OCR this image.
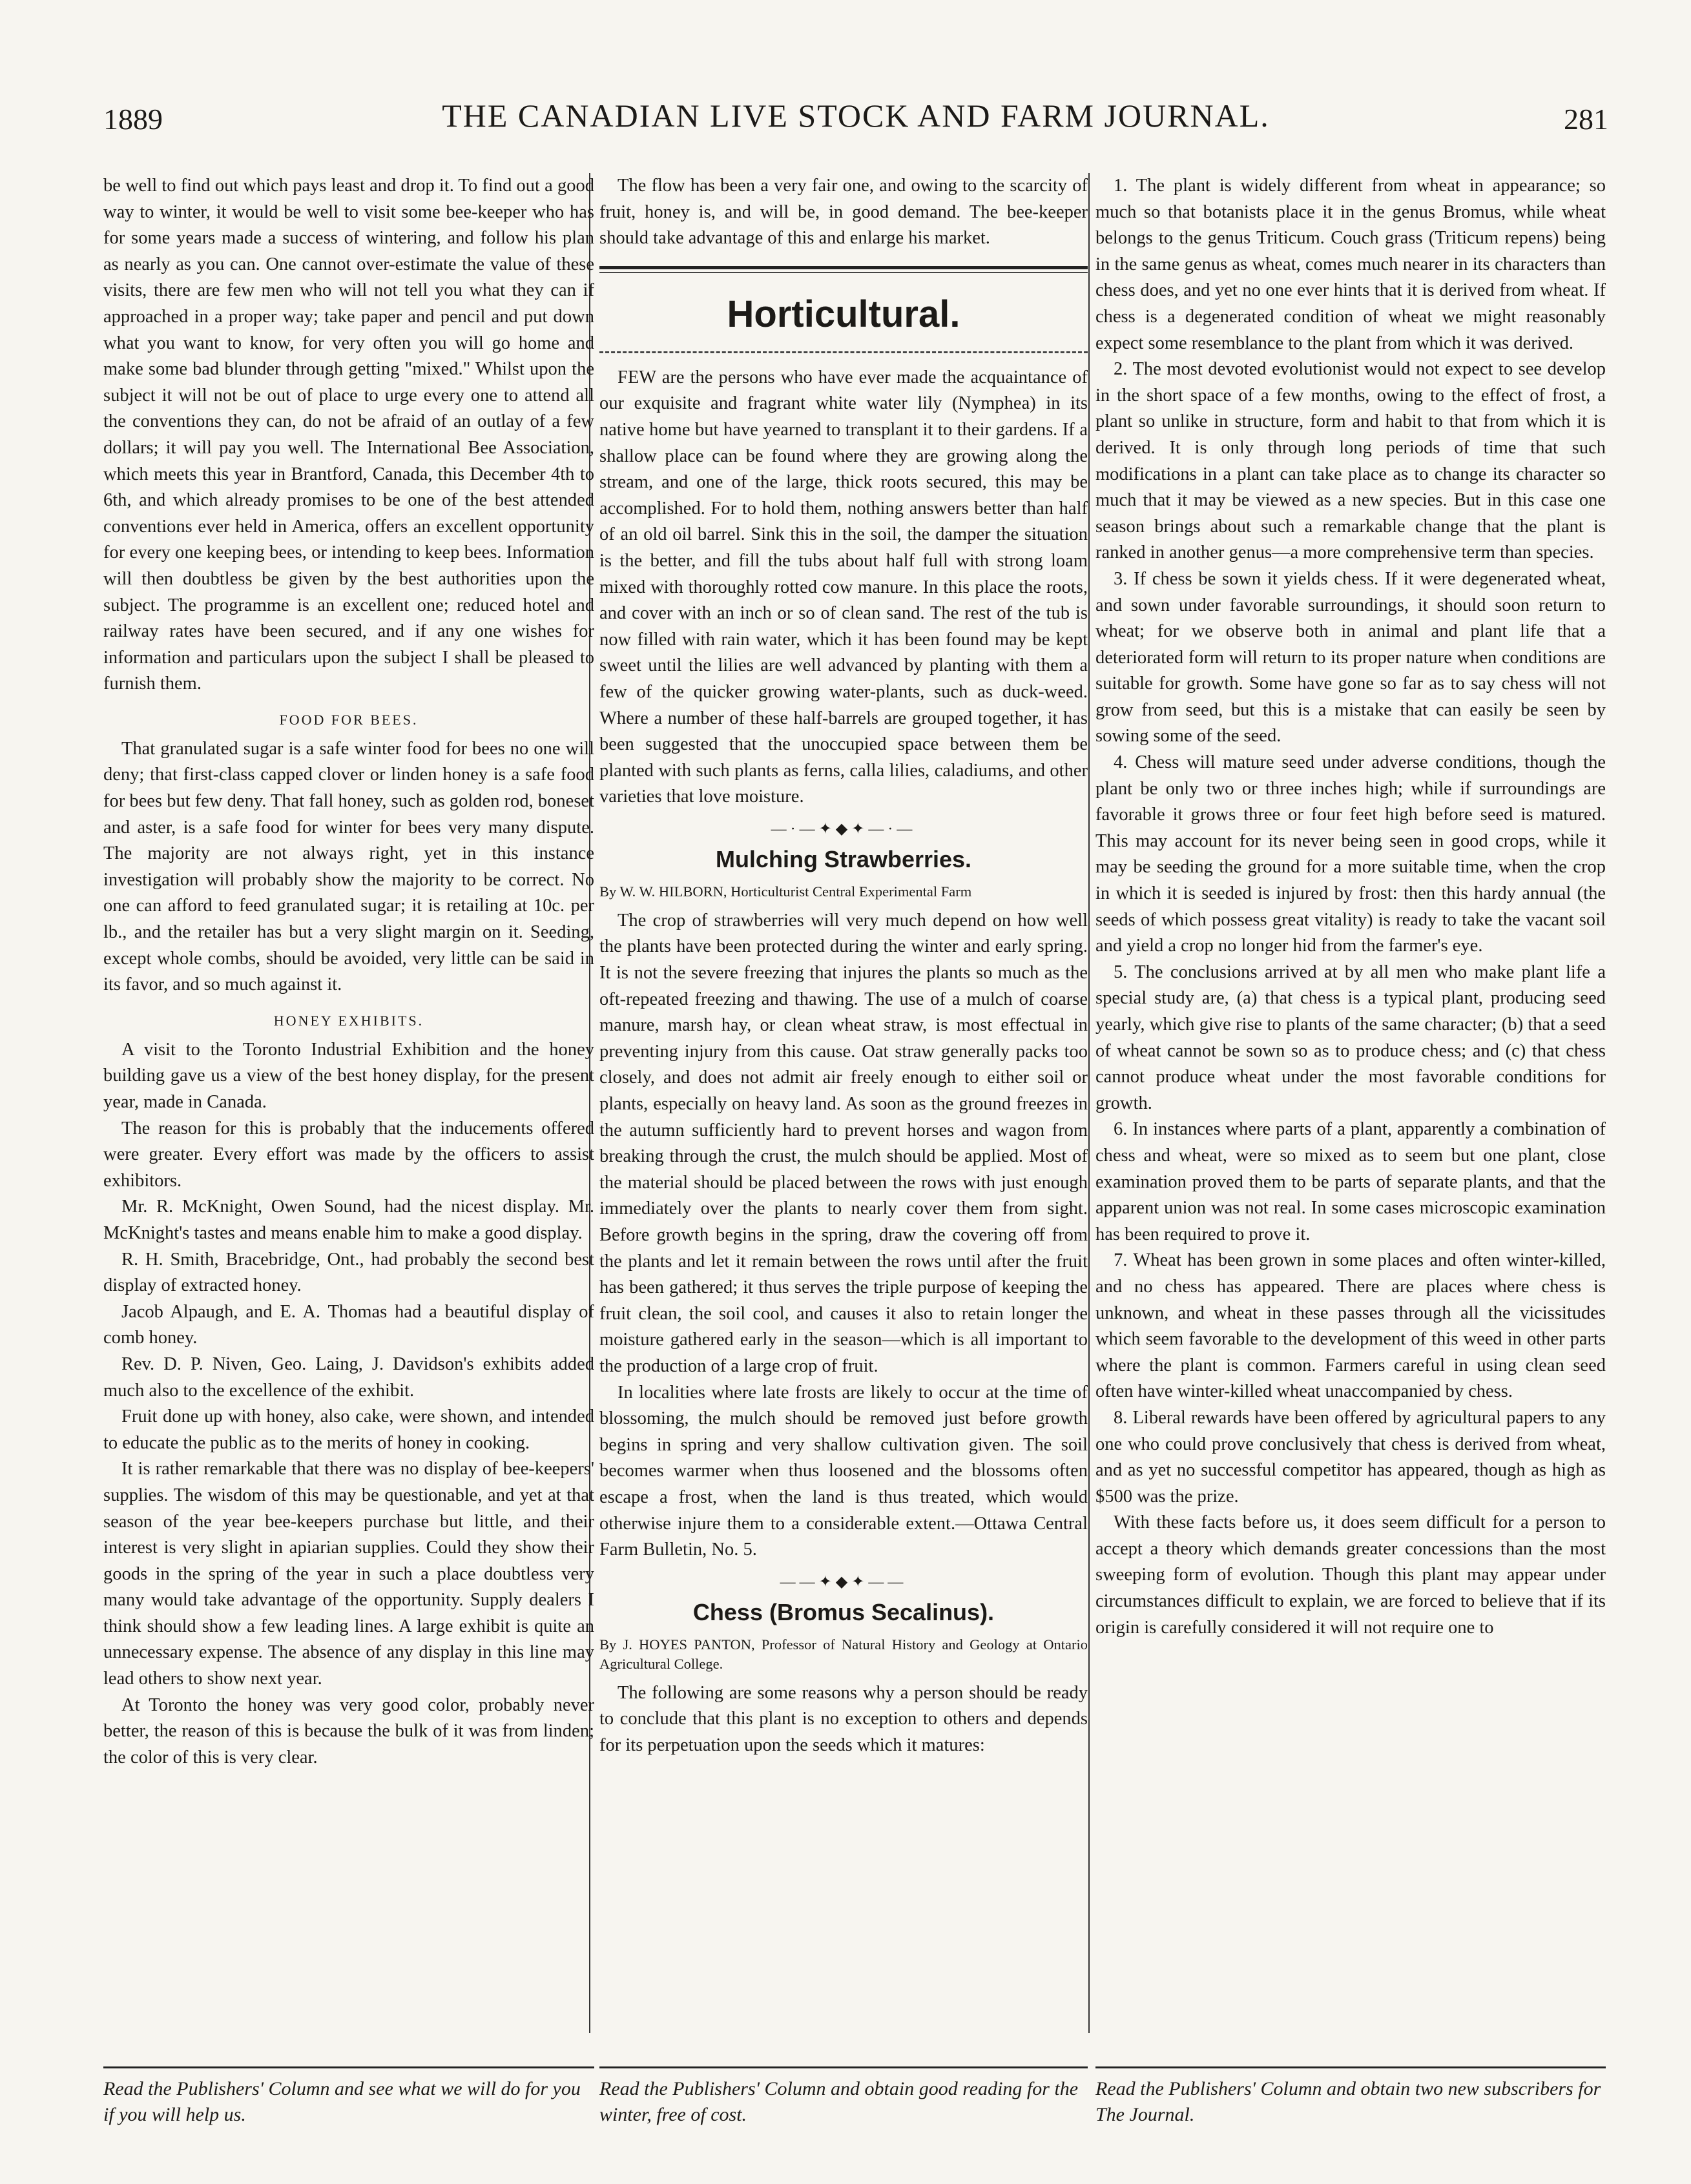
1889	THE CANADIAN LIVE STOCK AND FARM JOURNAL.	281

be well to find out which pays least and drop it. To find out a good way to winter, it would be well to visit some bee-keeper who has for some years made a success of wintering, and follow his plan as nearly as you can. One cannot over-estimate the value of these visits, there are few men who will not tell you what they can if approached in a proper way; take paper and pencil and put down what you want to know, for very often you will go home and make some bad blunder through getting "mixed." Whilst upon the subject it will not be out of place to urge every one to attend all the conventions they can, do not be afraid of an outlay of a few dollars; it will pay you well. The International Bee Association, which meets this year in Brantford, Canada, this December 4th to 6th, and which already promises to be one of the best attended conventions ever held in America, offers an excellent opportunity for every one keeping bees, or intending to keep bees. Information will then doubtless be given by the best authorities upon the subject. The programme is an excellent one; reduced hotel and railway rates have been secured, and if any one wishes for information and particulars upon the subject I shall be pleased to furnish them.

FOOD FOR BEES.

That granulated sugar is a safe winter food for bees no one will deny; that first-class capped clover or linden honey is a safe food for bees but few deny. That fall honey, such as golden rod, boneset and aster, is a safe food for winter for bees very many dispute. The majority are not always right, yet in this instance investigation will probably show the majority to be correct. No one can afford to feed granulated sugar; it is retailing at 10c. per lb., and the retailer has but a very slight margin on it. Seeding, except whole combs, should be avoided, very little can be said in its favor, and so much against it.

HONEY EXHIBITS.

A visit to the Toronto Industrial Exhibition and the honey building gave us a view of the best honey display, for the present year, made in Canada.

The reason for this is probably that the inducements offered were greater. Every effort was made by the officers to assist exhibitors.

Mr. R. McKnight, Owen Sound, had the nicest display. Mr. McKnight's tastes and means enable him to make a good display.

R. H. Smith, Bracebridge, Ont., had probably the second best display of extracted honey.

Jacob Alpaugh, and E. A. Thomas had a beautiful display of comb honey.

Rev. D. P. Niven, Geo. Laing, J. Davidson's exhibits added much also to the excellence of the exhibit.

Fruit done up with honey, also cake, were shown, and intended to educate the public as to the merits of honey in cooking.

It is rather remarkable that there was no display of bee-keepers' supplies. The wisdom of this may be questionable, and yet at that season of the year bee-keepers purchase but little, and their interest is very slight in apiarian supplies. Could they show their goods in the spring of the year in such a place doubtless very many would take advantage of the opportunity. Supply dealers I think should show a few leading lines. A large exhibit is quite an unnecessary expense. The absence of any display in this line may lead others to show next year.

At Toronto the honey was very good color, probably never better, the reason of this is because the bulk of it was from linden; the color of this is very clear.

The flow has been a very fair one, and owing to the scarcity of fruit, honey is, and will be, in good demand. The bee-keeper should take advantage of this and enlarge his market.

Horticultural.

FEW are the persons who have ever made the acquaintance of our exquisite and fragrant white water lily (Nymphea) in its native home but have yearned to transplant it to their gardens. If a shallow place can be found where they are growing along the stream, and one of the large, thick roots secured, this may be accomplished. For to hold them, nothing answers better than half of an old oil barrel. Sink this in the soil, the damper the situation is the better, and fill the tubs about half full with strong loam mixed with thoroughly rotted cow manure. In this place the roots, and cover with an inch or so of clean sand. The rest of the tub is now filled with rain water, which it has been found may be kept sweet until the lilies are well advanced by planting with them a few of the quicker growing water-plants, such as duck-weed. Where a number of these half-barrels are grouped together, it has been suggested that the unoccupied space between them be planted with such plants as ferns, calla lilies, caladiums, and other varieties that love moisture.

—·—✦◆✦—·—
Mulching Strawberries.
By W. W. HILBORN, Horticulturist Central Experimental Farm

The crop of strawberries will very much depend on how well the plants have been protected during the winter and early spring. It is not the severe freezing that injures the plants so much as the oft-repeated freezing and thawing. The use of a mulch of coarse manure, marsh hay, or clean wheat straw, is most effectual in preventing injury from this cause. Oat straw generally packs too closely, and does not admit air freely enough to either soil or plants, especially on heavy land. As soon as the ground freezes in the autumn sufficiently hard to prevent horses and wagon from breaking through the crust, the mulch should be applied. Most of the material should be placed between the rows with just enough immediately over the plants to nearly cover them from sight. Before growth begins in the spring, draw the covering off from the plants and let it remain between the rows until after the fruit has been gathered; it thus serves the triple purpose of keeping the fruit clean, the soil cool, and causes it also to retain longer the moisture gathered early in the season—which is all important to the production of a large crop of fruit.

In localities where late frosts are likely to occur at the time of blossoming, the mulch should be removed just before growth begins in spring and very shallow cultivation given. The soil becomes warmer when thus loosened and the blossoms often escape a frost, when the land is thus treated, which would otherwise injure them to a considerable extent.—Ottawa Central Farm Bulletin, No. 5.

——✦◆✦——
Chess (Bromus Secalinus).
By J. HOYES PANTON, Professor of Natural History and Geology at Ontario Agricultural College.

The following are some reasons why a person should be ready to conclude that this plant is no exception to others and depends for its perpetuation upon the seeds which it matures:

1. The plant is widely different from wheat in appearance; so much so that botanists place it in the genus Bromus, while wheat belongs to the genus Triticum. Couch grass (Triticum repens) being in the same genus as wheat, comes much nearer in its characters than chess does, and yet no one ever hints that it is derived from wheat. If chess is a degenerated condition of wheat we might reasonably expect some resemblance to the plant from which it was derived.

2. The most devoted evolutionist would not expect to see develop in the short space of a few months, owing to the effect of frost, a plant so unlike in structure, form and habit to that from which it is derived. It is only through long periods of time that such modifications in a plant can take place as to change its character so much that it may be viewed as a new species. But in this case one season brings about such a remarkable change that the plant is ranked in another genus—a more comprehensive term than species.

3. If chess be sown it yields chess. If it were degenerated wheat, and sown under favorable surroundings, it should soon return to wheat; for we observe both in animal and plant life that a deteriorated form will return to its proper nature when conditions are suitable for growth. Some have gone so far as to say chess will not grow from seed, but this is a mistake that can easily be seen by sowing some of the seed.

4. Chess will mature seed under adverse conditions, though the plant be only two or three inches high; while if surroundings are favorable it grows three or four feet high before seed is matured. This may account for its never being seen in good crops, while it may be seeding the ground for a more suitable time, when the crop in which it is seeded is injured by frost: then this hardy annual (the seeds of which possess great vitality) is ready to take the vacant soil and yield a crop no longer hid from the farmer's eye.

5. The conclusions arrived at by all men who make plant life a special study are, (a) that chess is a typical plant, producing seed yearly, which give rise to plants of the same character; (b) that a seed of wheat cannot be sown so as to produce chess; and (c) that chess cannot produce wheat under the most favorable conditions for growth.

6. In instances where parts of a plant, apparently a combination of chess and wheat, were so mixed as to seem but one plant, close examination proved them to be parts of separate plants, and that the apparent union was not real. In some cases microscopic examination has been required to prove it.

7. Wheat has been grown in some places and often winter-killed, and no chess has appeared. There are places where chess is unknown, and wheat in these passes through all the vicissitudes which seem favorable to the development of this weed in other parts where the plant is common. Farmers careful in using clean seed often have winter-killed wheat unaccompanied by chess.

8. Liberal rewards have been offered by agricultural papers to any one who could prove conclusively that chess is derived from wheat, and as yet no successful competitor has appeared, though as high as $500 was the prize.

With these facts before us, it does seem difficult for a person to accept a theory which demands greater concessions than the most sweeping form of evolution. Though this plant may appear under circumstances difficult to explain, we are forced to believe that if its origin is carefully considered it will not require one to

Read the Publishers' Column and see what we will do for you if you will help us.
Read the Publishers' Column and obtain good reading for the winter, free of cost.
Read the Publishers' Column and obtain two new subscribers for The Journal.
